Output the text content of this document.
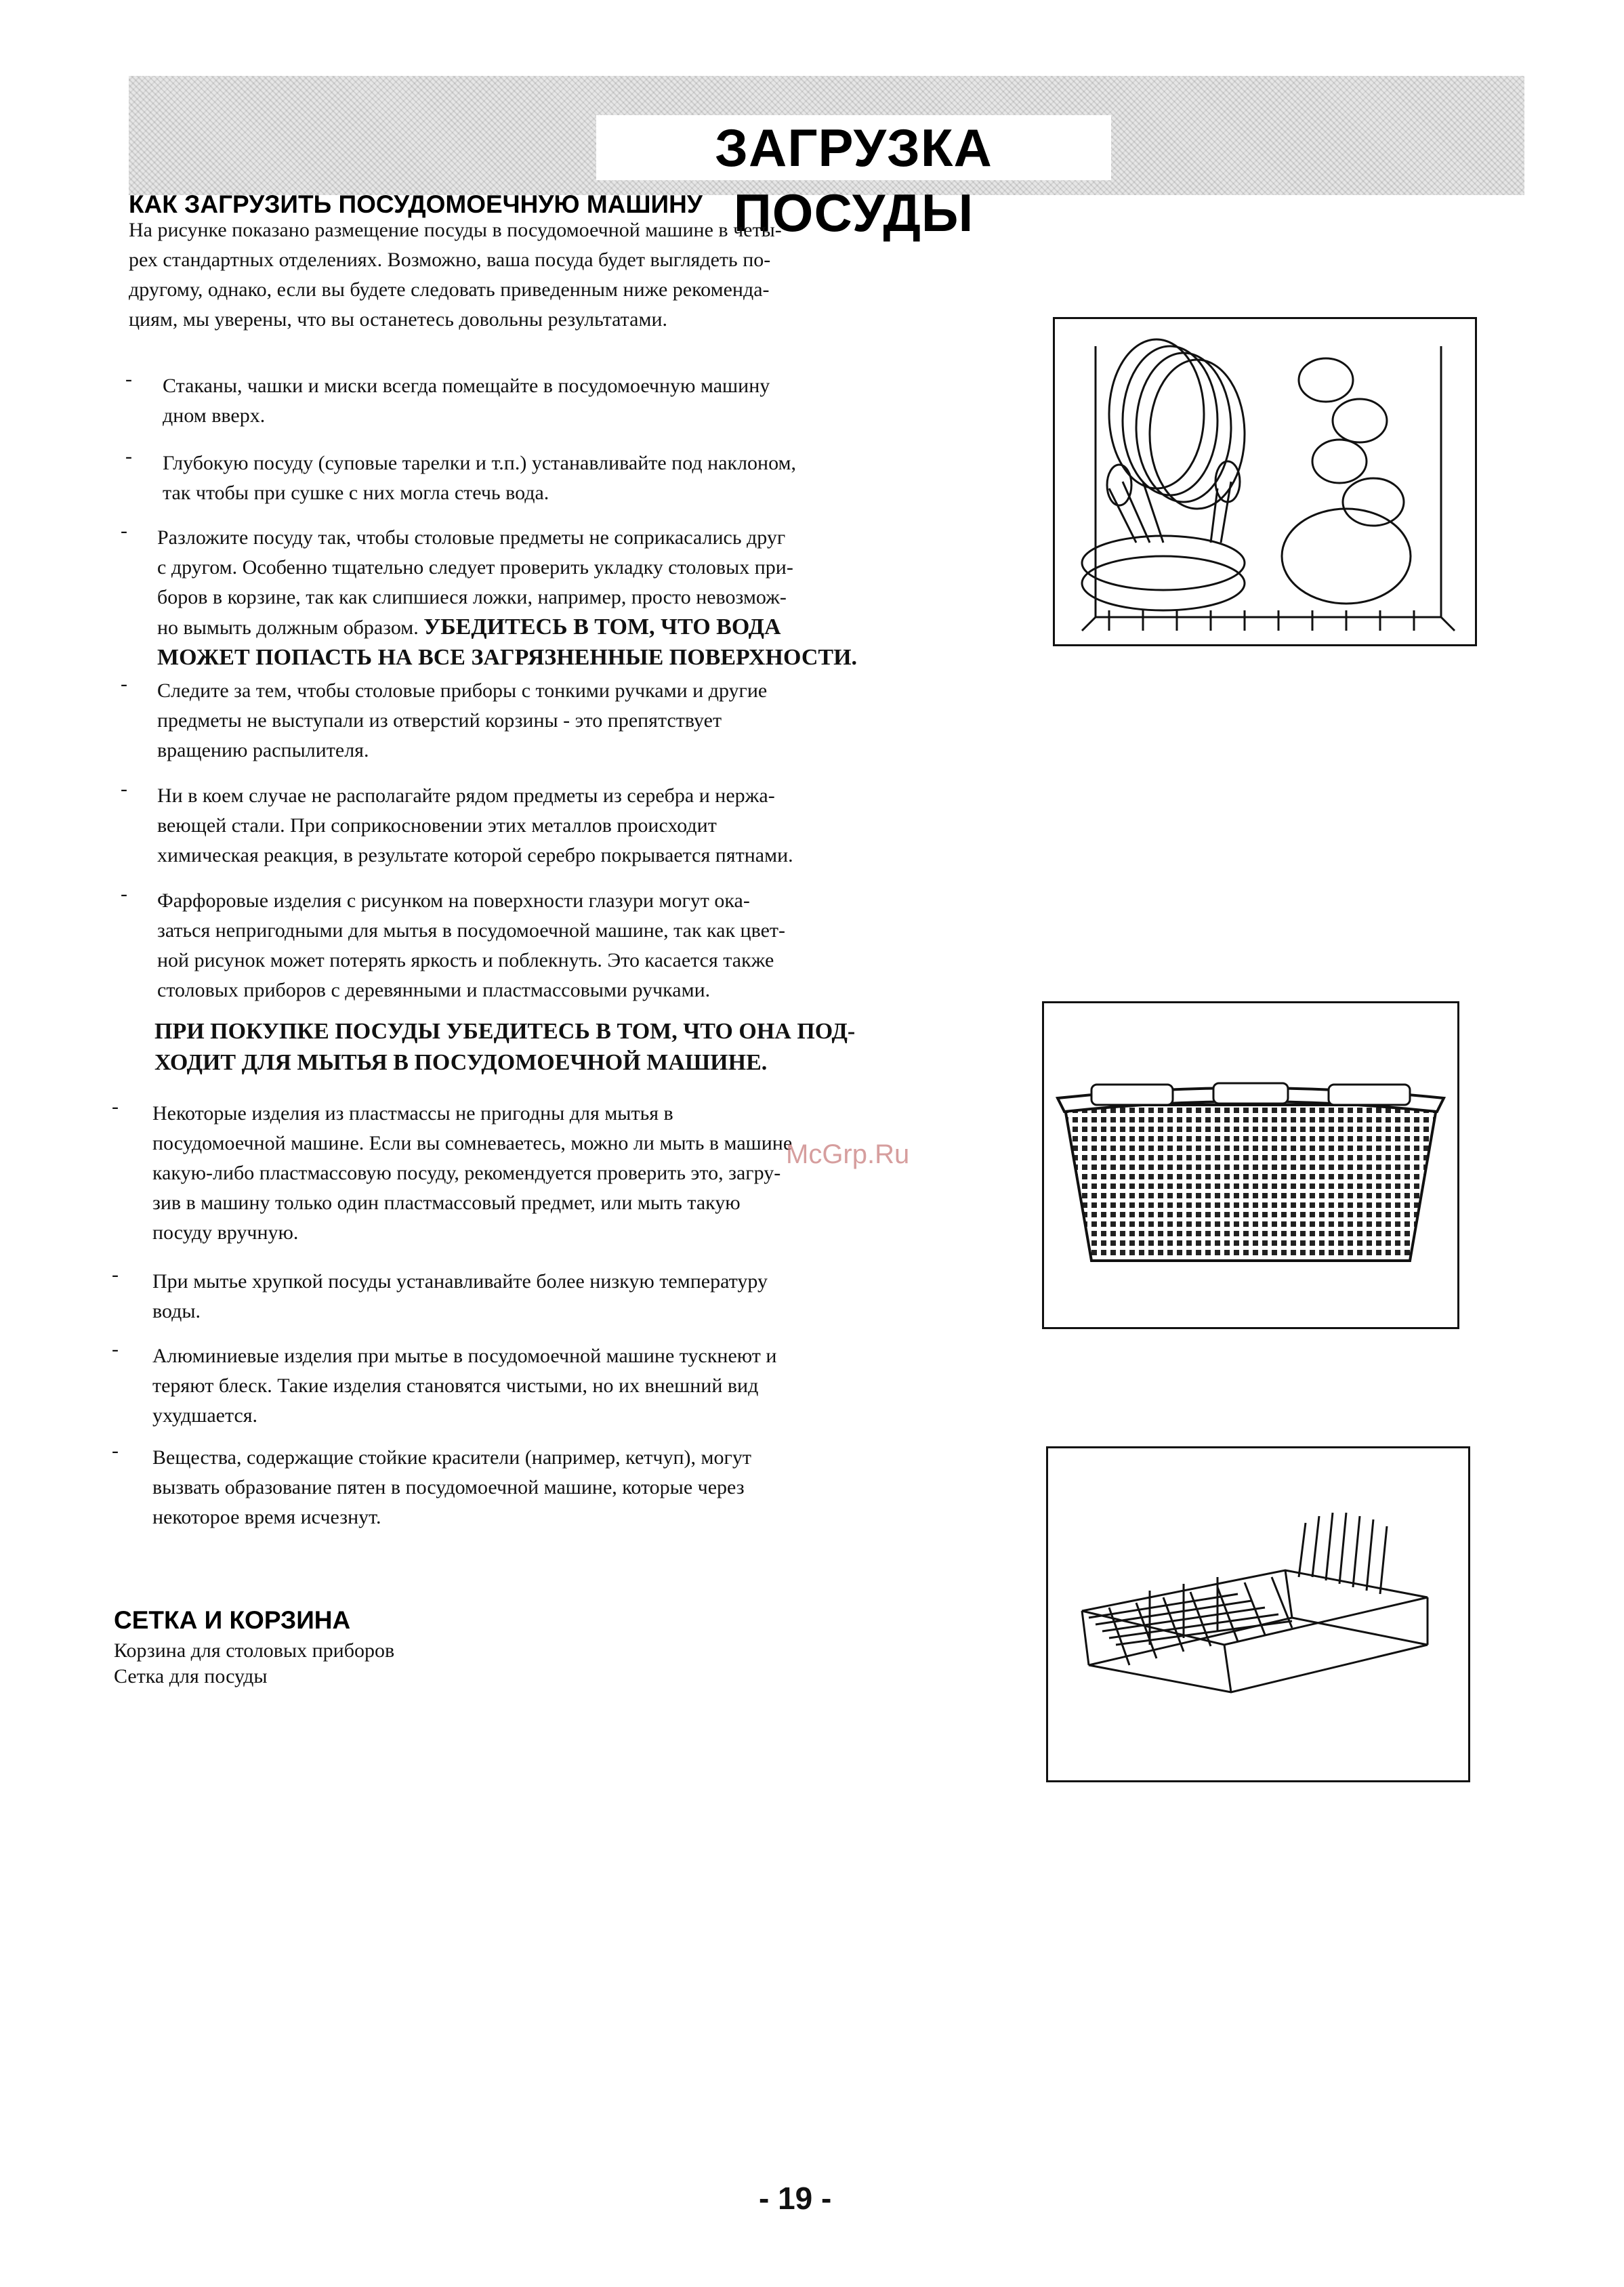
ЗАГРУЗКА ПОСУДЫ
КАК ЗАГРУЗИТЬ ПОСУДОМОЕЧНУЮ МАШИНУ
На рисунке показано размещение посуды в посудомоечной машине в четы-
рех стандартных отделениях. Возможно, ваша посуда будет выглядеть по-
другому, однако, если вы будете следовать приведенным ниже рекоменда-
циям, мы уверены, что вы останетесь довольны результатами.
- Стаканы, чашки и миски всегда помещайте в посудомоечную машину
дном вверх.
- Глубокую посуду (суповые тарелки и т.п.) устанавливайте под наклоном,
так чтобы при сушке с них могла стечь вода.
- Разложите посуду так, чтобы столовые предметы не соприкасались друг
с другом. Особенно тщательно следует проверить укладку столовых при-
боров в корзине, так как слипшиеся ложки, например, просто невозмож-
но вымыть должным образом. УБЕДИТЕСЬ В ТОМ, ЧТО ВОДА
МОЖЕТ ПОПАСТЬ НА ВСЕ ЗАГРЯЗНЕННЫЕ ПОВЕРХНОСТИ.
- Следите за тем, чтобы столовые приборы с тонкими ручками и другие
предметы не выступали из отверстий корзины - это препятствует
вращению распылителя.
- Ни в коем случае не располагайте рядом предметы из серебра и нержа-
веющей стали. При соприкосновении этих металлов происходит
химическая реакция, в результате которой серебро покрывается пятнами.
- Фарфоровые изделия с рисунком на поверхности глазури могут ока-
заться непригодными для мытья в посудомоечной машине, так как цвет-
ной рисунок может потерять яркость и поблекнуть. Это касается также
столовых приборов с деревянными и пластмассовыми ручками.
ПРИ ПОКУПКЕ ПОСУДЫ УБЕДИТЕСЬ В ТОМ, ЧТО ОНА ПОД-
ХОДИТ ДЛЯ МЫТЬЯ В ПОСУДОМОЕЧНОЙ МАШИНЕ.
- Некоторые изделия из пластмассы не пригодны для мытья в
посудомоечной машине. Если вы сомневаетесь, можно ли мыть в машине
какую-либо пластмассовую посуду, рекомендуется проверить это, загру-
зив в машину только один пластмассовый предмет, или мыть такую
посуду вручную.
- При мытье хрупкой посуды устанавливайте более низкую температуру
воды.
- Алюминиевые изделия при мытье в посудомоечной машине тускнеют и
теряют блеск. Такие изделия становятся чистыми, но их внешний вид
ухудшается.
- Вещества, содержащие стойкие красители (например, кетчуп), могут
вызвать образование пятен в посудомоечной машине, которые через
некоторое время исчезнут.
СЕТКА И КОРЗИНА
Корзина для столовых приборов
Сетка для посуды
McGrp.Ru
- 19 -
